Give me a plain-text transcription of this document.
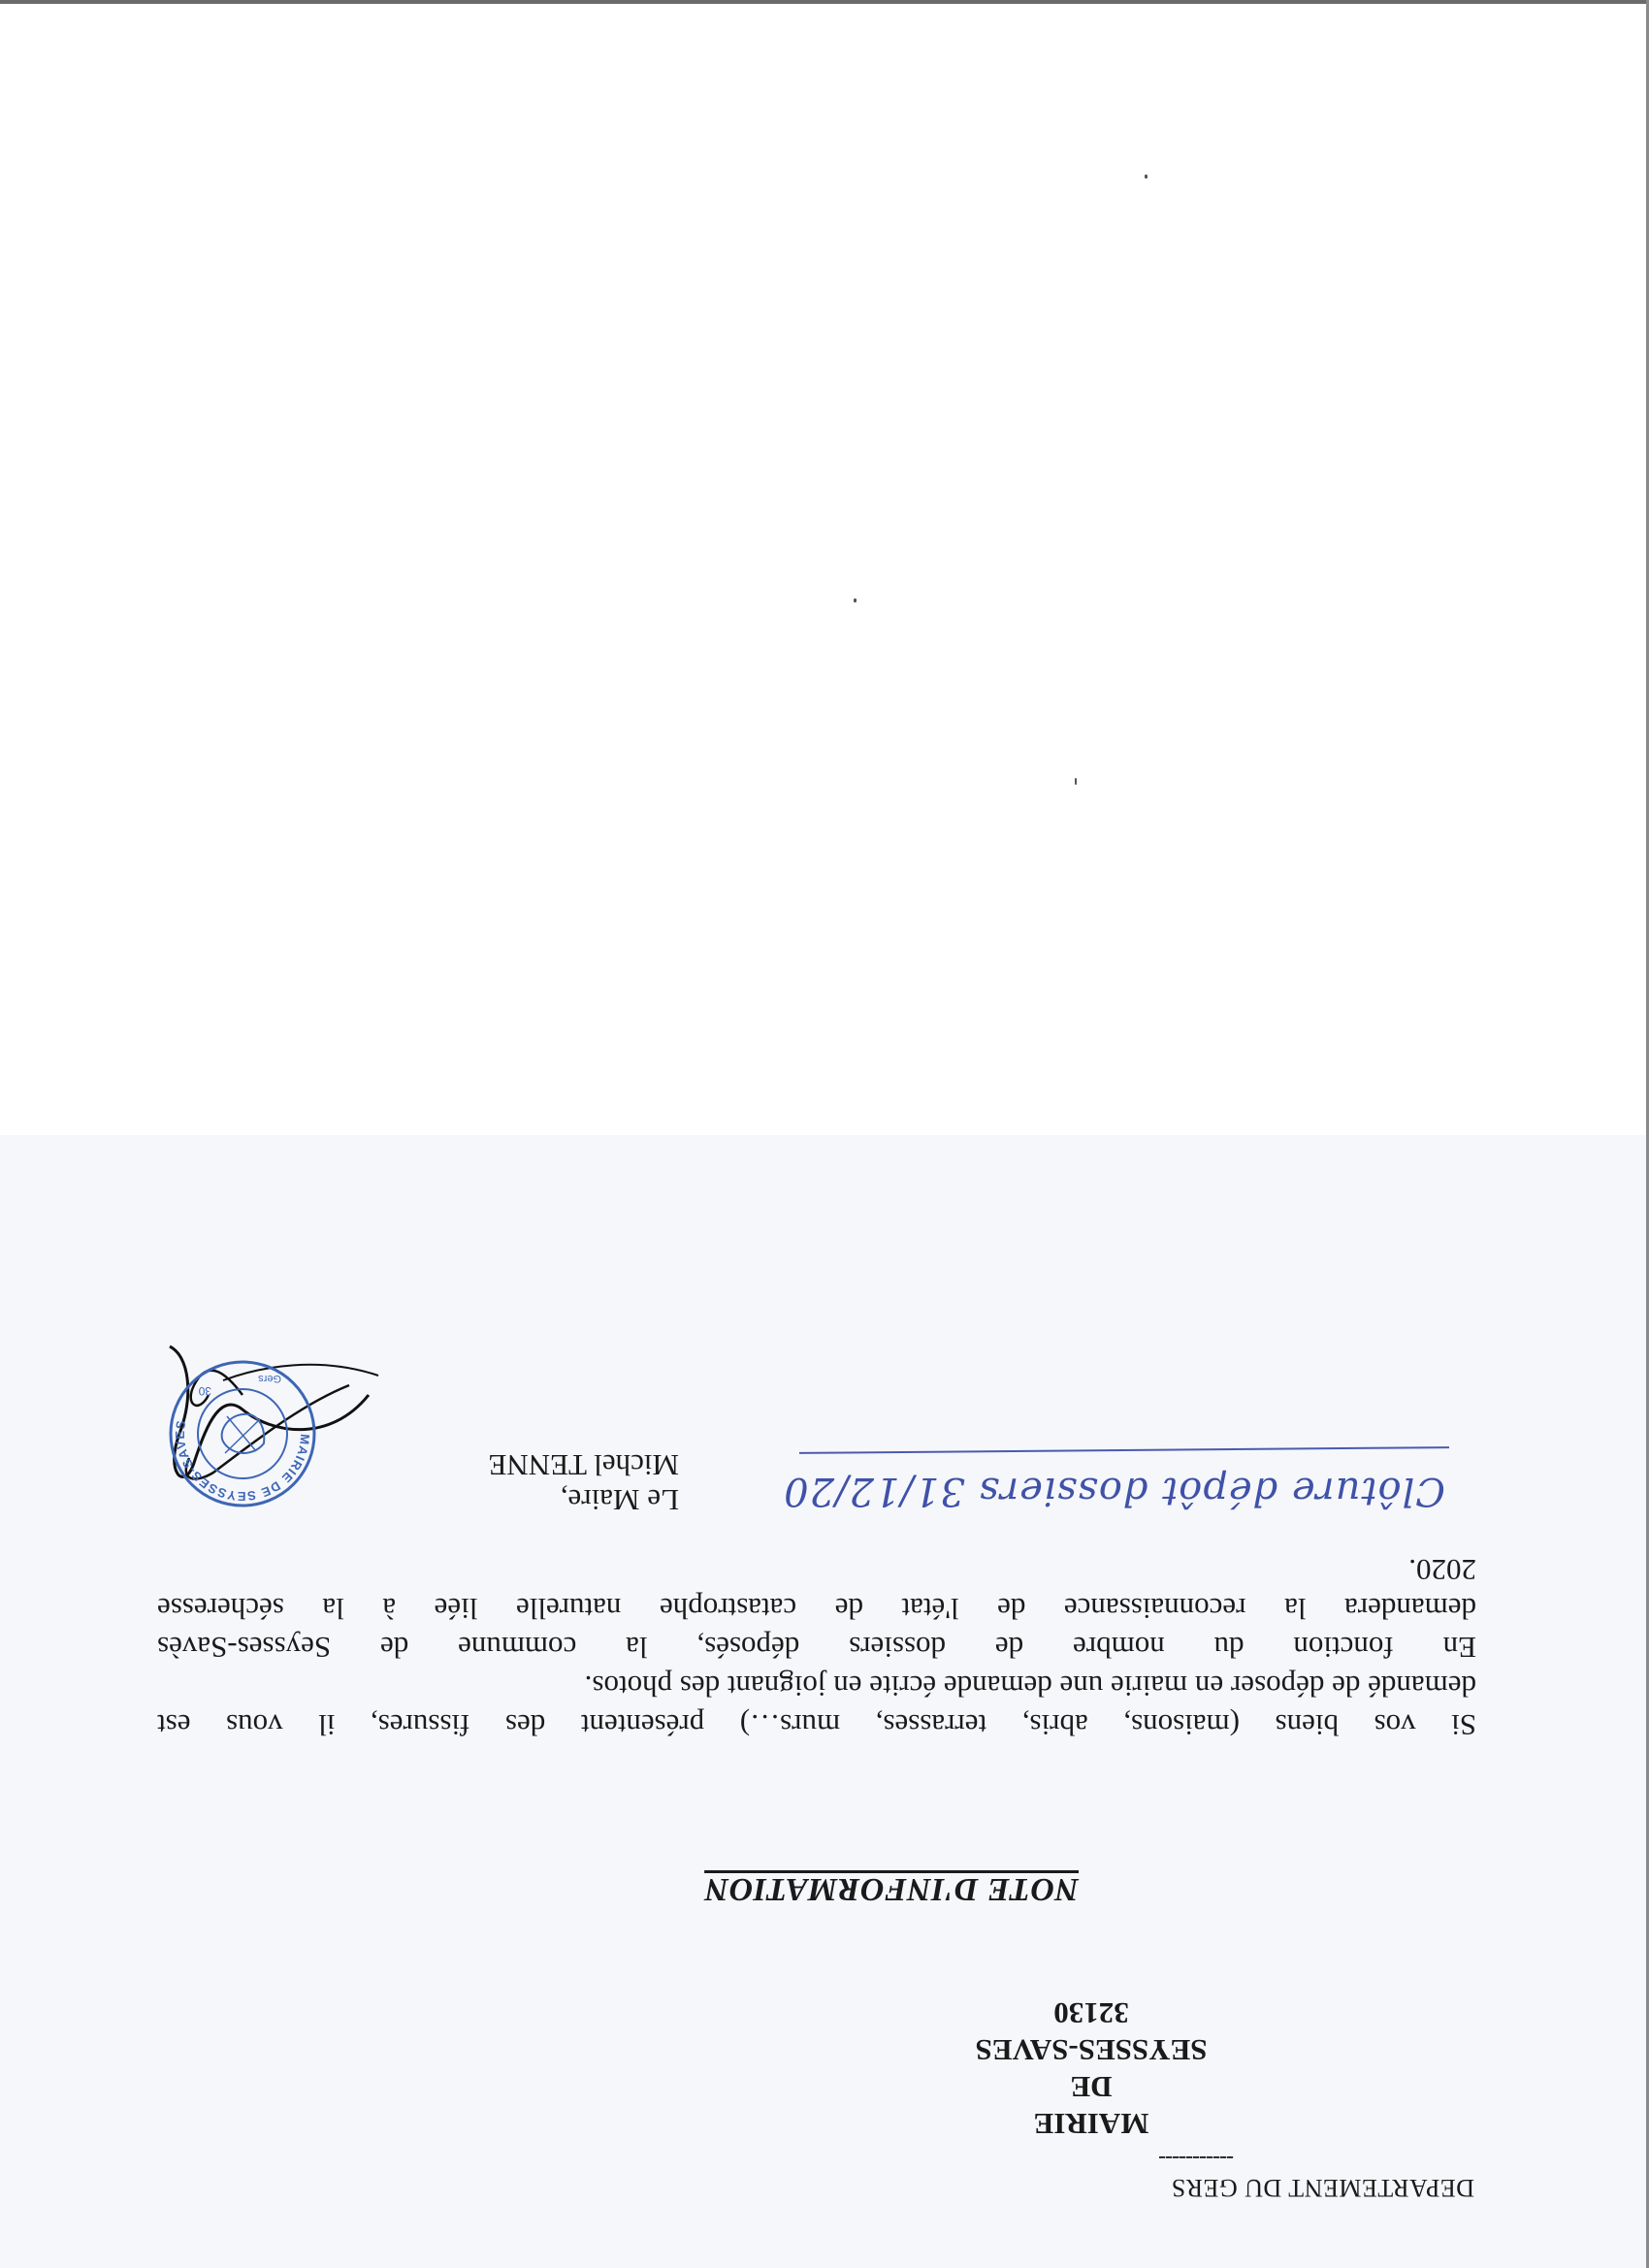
DEPARTEMENT DU GERS
-----------
MAIRIE
DE
SEYSSES-SAVES
32130
NOTE D'INFORMATION

Si vos biens (maisons, abris, terrasses, murs…) présentent des fissures, il vous est

demandé de déposer en mairie une demande écrite en joignant des photos.

En fonction du nombre de dossiers déposés, la commune de Seysses-Savès

demandera la reconnaissance de l'état de catastrophe naturelle liée à la sécheresse

2020.

Le Maire,
Michel TENNE
Clôture dépôt dossiers 31/12/20
MAIRIE DE SEYSSES-SAVES
30
Gers
